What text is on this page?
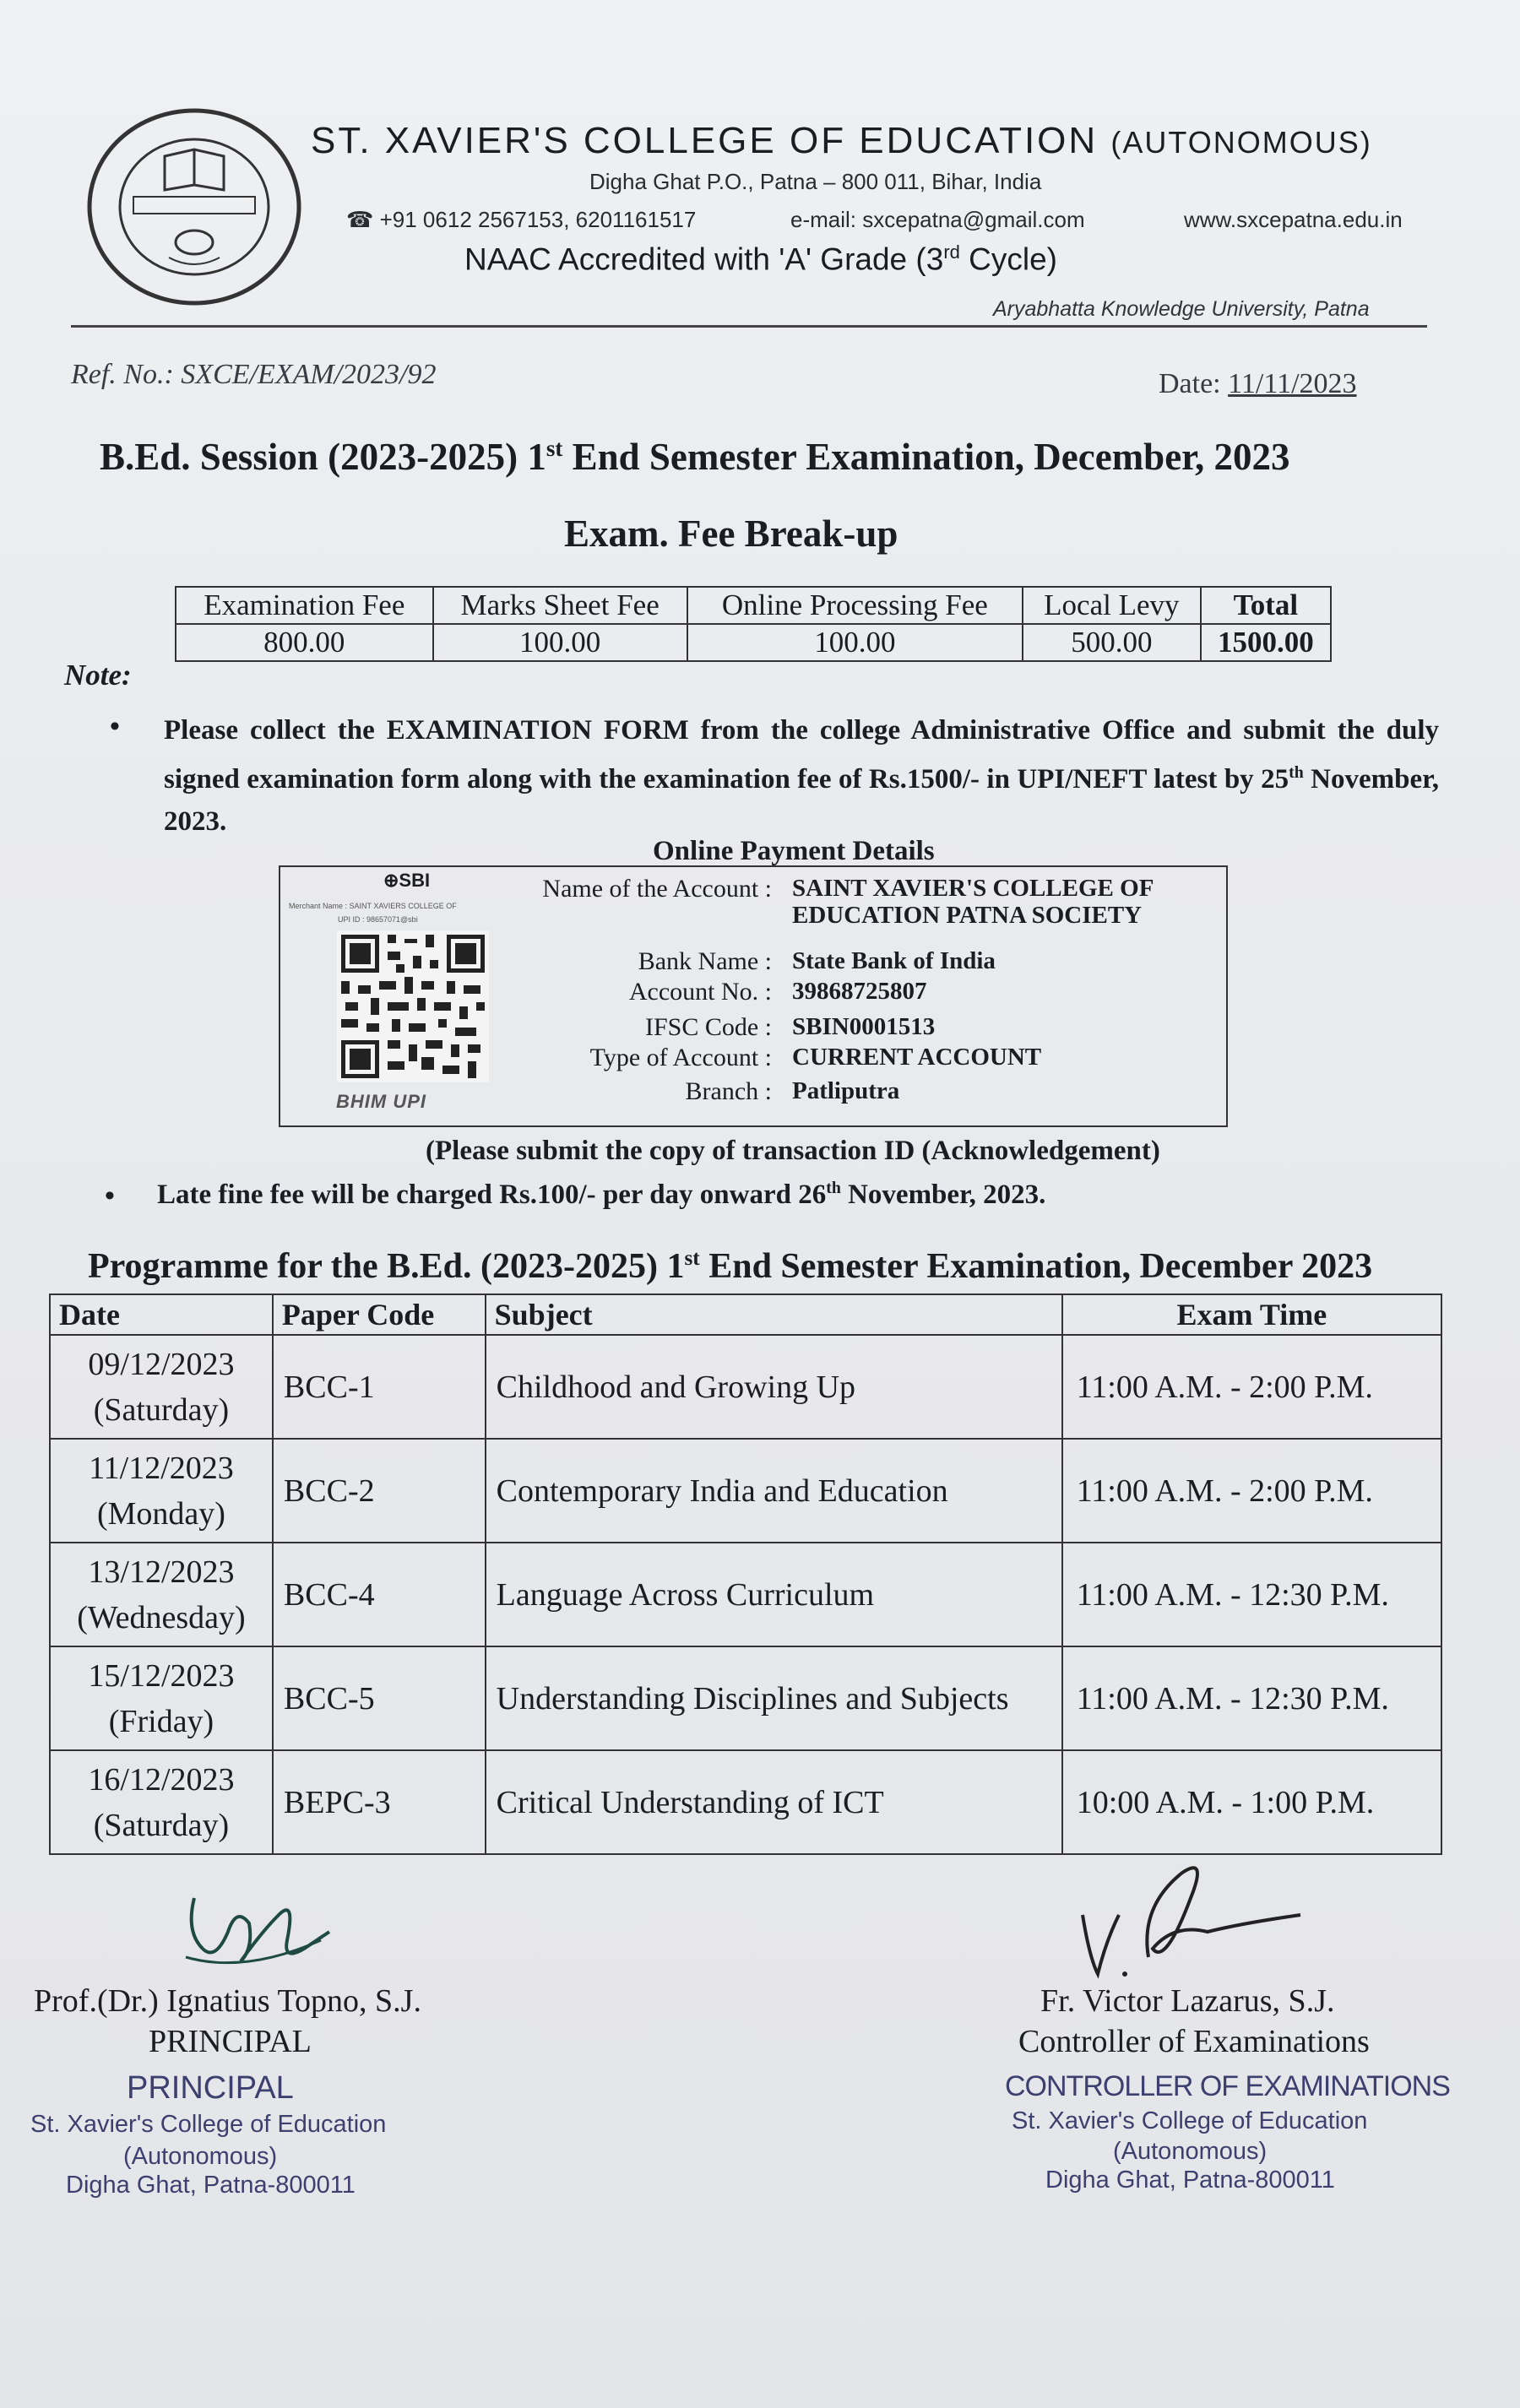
ST. XAVIER'S COLLEGE OF EDUCATION (AUTONOMOUS)
Digha Ghat P.O., Patna – 800 011, Bihar, India
☎ +91 0612 2567153, 6201161517	e-mail: sxcepatna@gmail.com	www.sxcepatna.edu.in
NAAC Accredited with 'A' Grade (3rd Cycle)
Aryabhatta Knowledge University, Patna
Ref. No.: SXCE/EXAM/2023/92	Date: 11/11/2023
B.Ed. Session (2023-2025) 1st End Semester Examination, December, 2023
Exam. Fee Break-up
Examination Fee	Marks Sheet Fee	Online Processing Fee	Local Levy	Total
800.00	100.00	100.00	500.00	1500.00
Note:
• Please collect the EXAMINATION FORM from the college Administrative Office and submit the duly signed examination form along with the examination fee of Rs.1500/- in UPI/NEFT latest by 25th November, 2023.
Online Payment Details
⊕SBI
Merchant Name : SAINT XAVIERS COLLEGE OF
UPI ID : 98657071@sbi
BHIM UPI
Name of the Account : SAINT XAVIER'S COLLEGE OF
EDUCATION PATNA SOCIETY
Bank Name : State Bank of India
Account No. : 39868725807
IFSC Code : SBIN0001513
Type of Account : CURRENT ACCOUNT
Branch : Patliputra
(Please submit the copy of transaction ID (Acknowledgement)
• Late fine fee will be charged Rs.100/- per day onward 26th November, 2023.
Programme for the B.Ed. (2023-2025) 1st End Semester Examination, December 2023
Date	Paper Code	Subject	Exam Time

09/12/2023
(Saturday)	BCC-1	Childhood and Growing Up	11:00 A.M. - 2:00 P.M.

11/12/2023
(Monday)	BCC-2	Contemporary India and Education	11:00 A.M. - 2:00 P.M.

13/12/2023
(Wednesday)	BCC-4	Language Across Curriculum	11:00 A.M. - 12:30 P.M.

15/12/2023
(Friday)	BCC-5	Understanding Disciplines and Subjects	11:00 A.M. - 12:30 P.M.

16/12/2023
(Saturday)	BEPC-3	Critical Understanding of ICT	10:00 A.M. - 1:00 P.M.
Prof.(Dr.) Ignatius Topno, S.J.
PRINCIPAL
PRINCIPAL
St. Xavier's College of Education
(Autonomous)
Digha Ghat, Patna-800011
Fr. Victor Lazarus, S.J.
Controller of Examinations
CONTROLLER OF EXAMINATIONS
St. Xavier's College of Education
(Autonomous)
Digha Ghat, Patna-800011
